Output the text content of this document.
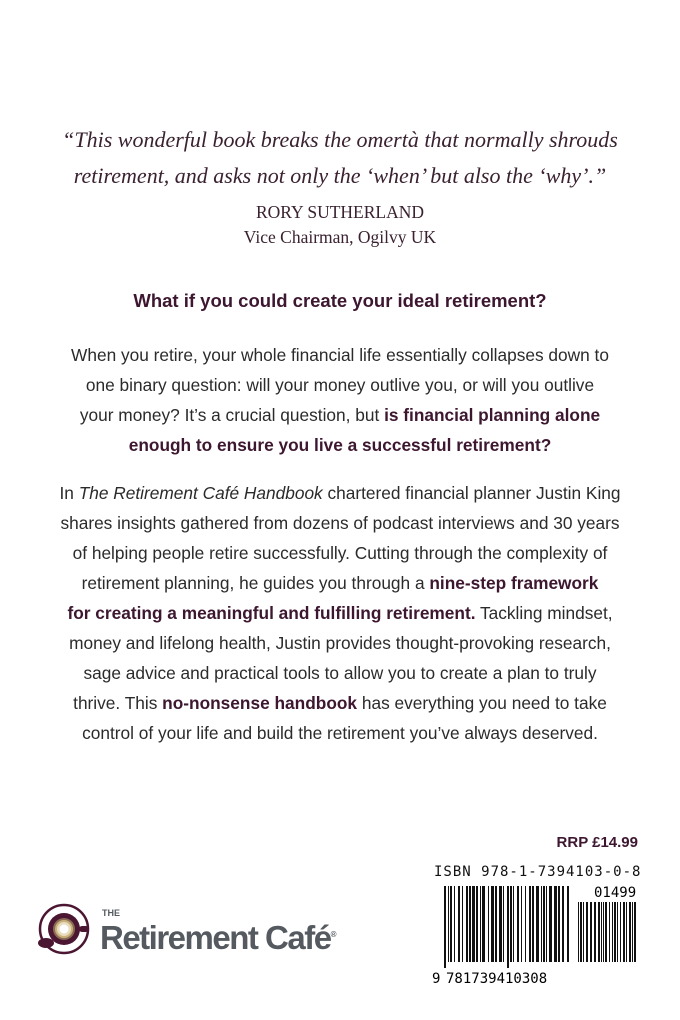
“This wonderful book breaks the omertà that normally shrouds
retirement, and asks not only the ‘when’ but also the ‘why’.”
RORY SUTHERLAND
Vice Chairman, Ogilvy UK
What if you could create your ideal retirement?
When you retire, your whole financial life essentially collapses down to
one binary question: will your money outlive you, or will you outlive
your money? It’s a crucial question, but is financial planning alone
enough to ensure you live a successful retirement?
In The Retirement Café Handbook chartered financial planner Justin King
shares insights gathered from dozens of podcast interviews and 30 years
of helping people retire successfully. Cutting through the complexity of
retirement planning, he guides you through a nine-step framework
for creating a meaningful and fulfilling retirement. Tackling mindset,
money and lifelong health, Justin provides thought-provoking research,
sage advice and practical tools to allow you to create a plan to truly
thrive. This no-nonsense handbook has everything you need to take
control of your life and build the retirement you’ve always deserved.
RRP £14.99
ISBN 978-1-7394103-0-8
01499
9 781739410308
THE
Retirement Café®
